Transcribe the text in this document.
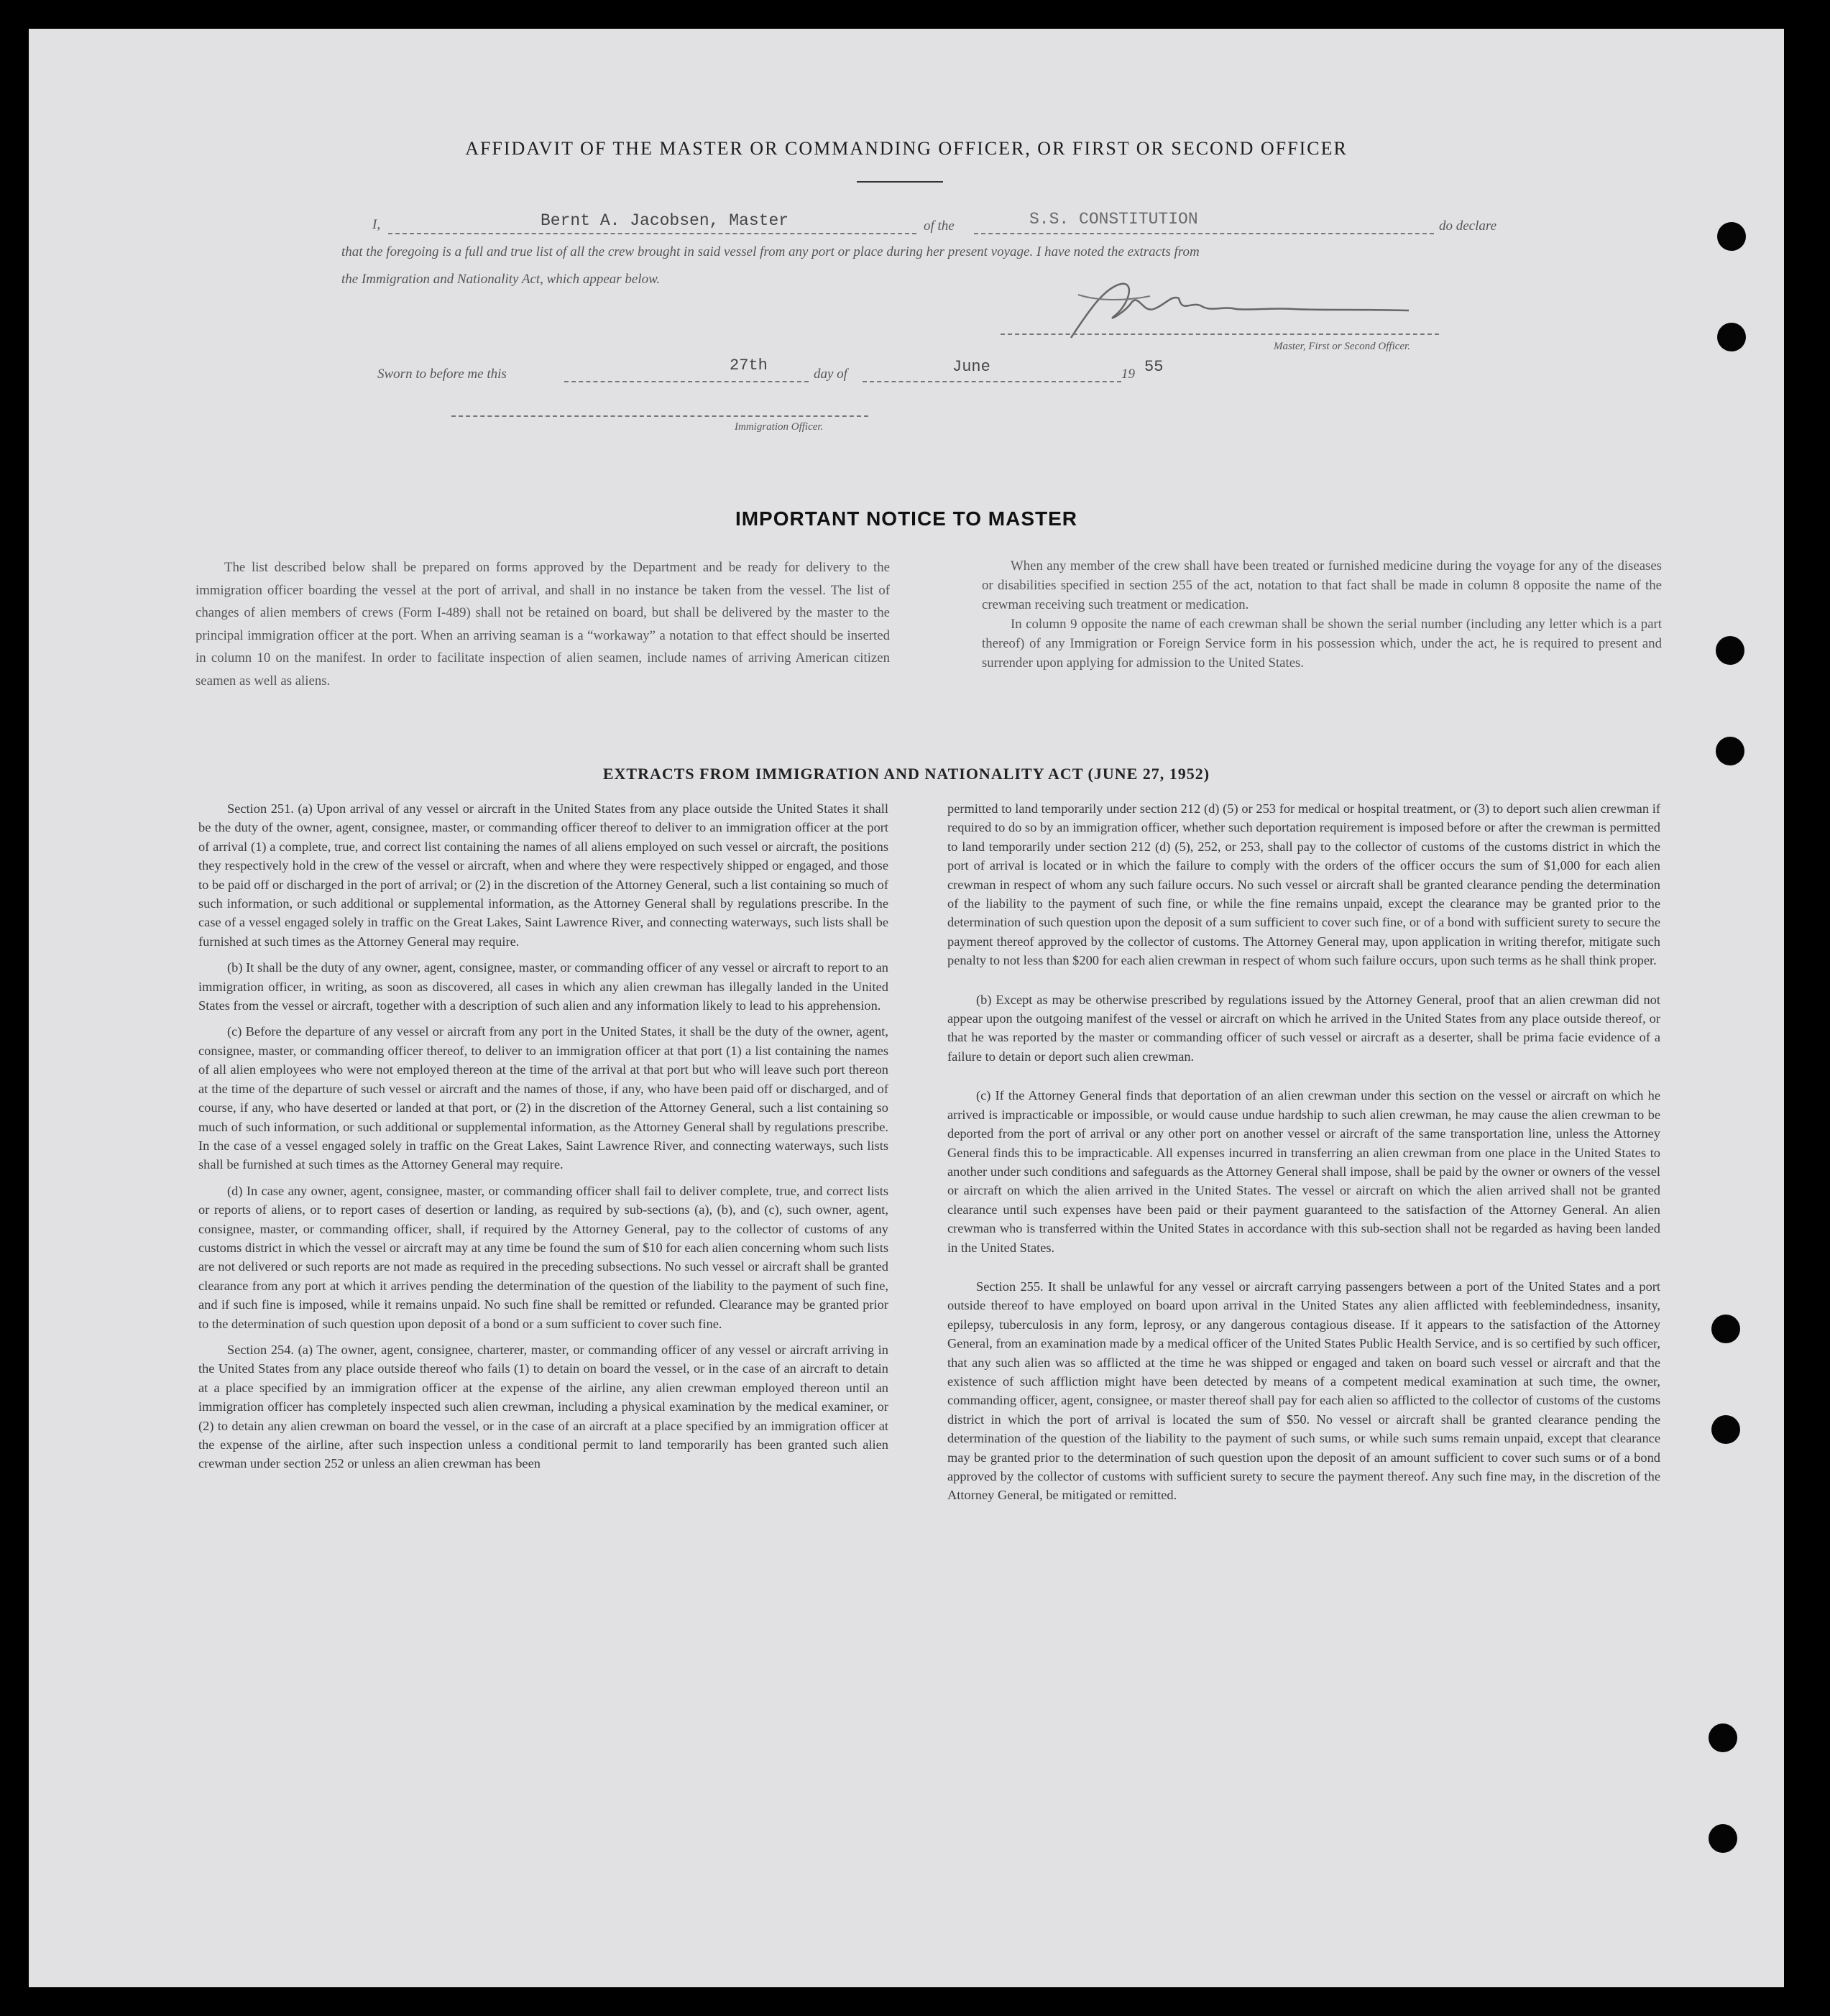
AFFIDAVIT OF THE MASTER OR COMMANDING OFFICER, OR FIRST OR SECOND OFFICER
I,	Bernt A. Jacobsen, Master	of the	S.S. CONSTITUTION	do declare
that the foregoing is a full and true list of all the crew brought in said vessel from any port or place during her present voyage. I have noted the extracts from
the Immigration and Nationality Act, which appear below.
Master, First or Second Officer.
Sworn to before me this	27th	day of	June	19 55
Immigration Officer.
IMPORTANT NOTICE TO MASTER

The list described below shall be prepared on forms approved by the Department and be ready for delivery to the immigration officer boarding the vessel at the port of arrival, and shall in no instance be taken from the vessel. The list of changes of alien members of crews (Form I-489) shall not be retained on board, but shall be delivered by the master to the principal immigration officer at the port. When an arriving seaman is a “workaway” a notation to that effect should be inserted in column 10 on the manifest. In order to facilitate inspection of alien seamen, include names of arriving American citizen seamen as well as aliens.

When any member of the crew shall have been treated or furnished medicine during the voyage for any of the diseases or disabilities specified in section 255 of the act, notation to that fact shall be made in column 8 opposite the name of the crewman receiving such treatment or medication.

In column 9 opposite the name of each crewman shall be shown the serial number (including any letter which is a part thereof) of any Immigration or Foreign Service form in his possession which, under the act, he is required to present and surrender upon applying for admission to the United States.

EXTRACTS FROM IMMIGRATION AND NATIONALITY ACT (JUNE 27, 1952)

Section 251. (a) Upon arrival of any vessel or aircraft in the United States from any place outside the United States it shall be the duty of the owner, agent, consignee, master, or commanding officer thereof to deliver to an immigration officer at the port of arrival (1) a complete, true, and correct list containing the names of all aliens employed on such vessel or aircraft, the positions they respectively hold in the crew of the vessel or aircraft, when and where they were respectively shipped or engaged, and those to be paid off or discharged in the port of arrival; or (2) in the discretion of the Attorney General, such a list containing so much of such information, or such additional or supplemental information, as the Attorney General shall by regulations prescribe. In the case of a vessel engaged solely in traffic on the Great Lakes, Saint Lawrence River, and connecting waterways, such lists shall be furnished at such times as the Attorney General may require.

(b) It shall be the duty of any owner, agent, consignee, master, or commanding officer of any vessel or aircraft to report to an immigration officer, in writing, as soon as discovered, all cases in which any alien crewman has illegally landed in the United States from the vessel or aircraft, together with a description of such alien and any information likely to lead to his apprehension.

(c) Before the departure of any vessel or aircraft from any port in the United States, it shall be the duty of the owner, agent, consignee, master, or commanding officer thereof, to deliver to an immigration officer at that port (1) a list containing the names of all alien employees who were not employed thereon at the time of the arrival at that port but who will leave such port thereon at the time of the departure of such vessel or aircraft and the names of those, if any, who have been paid off or discharged, and of course, if any, who have deserted or landed at that port, or (2) in the discretion of the Attorney General, such a list containing so much of such information, or such additional or supplemental information, as the Attorney General shall by regulations prescribe. In the case of a vessel engaged solely in traffic on the Great Lakes, Saint Lawrence River, and connecting waterways, such lists shall be furnished at such times as the Attorney General may require.

(d) In case any owner, agent, consignee, master, or commanding officer shall fail to deliver complete, true, and correct lists or reports of aliens, or to report cases of desertion or landing, as required by sub-sections (a), (b), and (c), such owner, agent, consignee, master, or commanding officer, shall, if required by the Attorney General, pay to the collector of customs of any customs district in which the vessel or aircraft may at any time be found the sum of $10 for each alien concerning whom such lists are not delivered or such reports are not made as required in the preceding subsections. No such vessel or aircraft shall be granted clearance from any port at which it arrives pending the determination of the question of the liability to the payment of such fine, and if such fine is imposed, while it remains unpaid. No such fine shall be remitted or refunded. Clearance may be granted prior to the determination of such question upon deposit of a bond or a sum sufficient to cover such fine.

Section 254. (a) The owner, agent, consignee, charterer, master, or commanding officer of any vessel or aircraft arriving in the United States from any place outside thereof who fails (1) to detain on board the vessel, or in the case of an aircraft to detain at a place specified by an immigration officer at the expense of the airline, any alien crewman employed thereon until an immigration officer has completely inspected such alien crewman, including a physical examination by the medical examiner, or (2) to detain any alien crewman on board the vessel, or in the case of an aircraft at a place specified by an immigration officer at the expense of the airline, after such inspection unless a conditional permit to land temporarily has been granted such alien crewman under section 252 or unless an alien crewman has been

permitted to land temporarily under section 212 (d) (5) or 253 for medical or hospital treatment, or (3) to deport such alien crewman if required to do so by an immigration officer, whether such deportation requirement is imposed before or after the crewman is permitted to land temporarily under section 212 (d) (5), 252, or 253, shall pay to the collector of customs of the customs district in which the port of arrival is located or in which the failure to comply with the orders of the officer occurs the sum of $1,000 for each alien crewman in respect of whom any such failure occurs. No such vessel or aircraft shall be granted clearance pending the determination of the liability to the payment of such fine, or while the fine remains unpaid, except the clearance may be granted prior to the determination of such question upon the deposit of a sum sufficient to cover such fine, or of a bond with sufficient surety to secure the payment thereof approved by the collector of customs. The Attorney General may, upon application in writing therefor, mitigate such penalty to not less than $200 for each alien crewman in respect of whom such failure occurs, upon such terms as he shall think proper.

(b) Except as may be otherwise prescribed by regulations issued by the Attorney General, proof that an alien crewman did not appear upon the outgoing manifest of the vessel or aircraft on which he arrived in the United States from any place outside thereof, or that he was reported by the master or commanding officer of such vessel or aircraft as a deserter, shall be prima facie evidence of a failure to detain or deport such alien crewman.

(c) If the Attorney General finds that deportation of an alien crewman under this section on the vessel or aircraft on which he arrived is impracticable or impossible, or would cause undue hardship to such alien crewman, he may cause the alien crewman to be deported from the port of arrival or any other port on another vessel or aircraft of the same transportation line, unless the Attorney General finds this to be impracticable. All expenses incurred in transferring an alien crewman from one place in the United States to another under such conditions and safeguards as the Attorney General shall impose, shall be paid by the owner or owners of the vessel or aircraft on which the alien arrived in the United States. The vessel or aircraft on which the alien arrived shall not be granted clearance until such expenses have been paid or their payment guaranteed to the satisfaction of the Attorney General. An alien crewman who is transferred within the United States in accordance with this sub-section shall not be regarded as having been landed in the United States.

Section 255. It shall be unlawful for any vessel or aircraft carrying passengers between a port of the United States and a port outside thereof to have employed on board upon arrival in the United States any alien afflicted with feeblemindedness, insanity, epilepsy, tuberculosis in any form, leprosy, or any dangerous contagious disease. If it appears to the satisfaction of the Attorney General, from an examination made by a medical officer of the United States Public Health Service, and is so certified by such officer, that any such alien was so afflicted at the time he was shipped or engaged and taken on board such vessel or aircraft and that the existence of such affliction might have been detected by means of a competent medical examination at such time, the owner, commanding officer, agent, consignee, or master thereof shall pay for each alien so afflicted to the collector of customs of the customs district in which the port of arrival is located the sum of $50. No vessel or aircraft shall be granted clearance pending the determination of the question of the liability to the payment of such sums, or while such sums remain unpaid, except that clearance may be granted prior to the determination of such question upon the deposit of an amount sufficient to cover such sums or of a bond approved by the collector of customs with sufficient surety to secure the payment thereof. Any such fine may, in the discretion of the Attorney General, be mitigated or remitted.
